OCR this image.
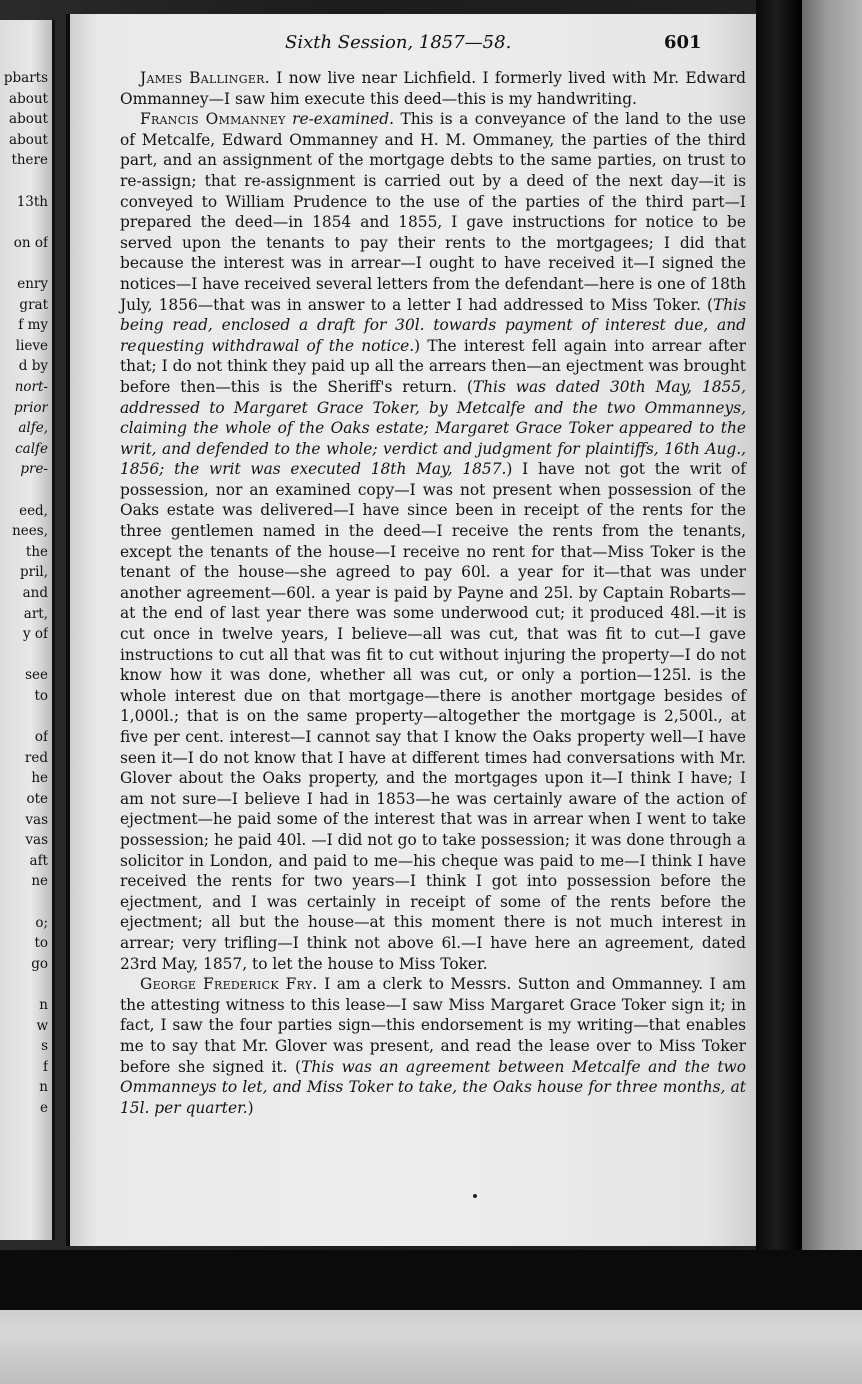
pbarts
about
about
about
there
13th
on of
enry
grat
f my
lieve
d by
nort-
prior
alfe,
calfe
pre-
eed,
nees,
the
pril,
and
art,
y of
see
to
of
red
he
ote
vas
vas
aft
ne
o;
to
go
n
w
s
f
n
e
Sixth Session, 1857—58.	601

James Ballinger. I now live near Lichfield. I formerly lived with Mr. Edward Ommanney—I saw him execute this deed—this is my handwriting.

Francis Ommanney re-examined. This is a conveyance of the land to the use of Metcalfe, Edward Ommanney and H. M. Ommaney, the parties of the third part, and an assignment of the mortgage debts to the same parties, on trust to re-assign; that re-assignment is carried out by a deed of the next day—it is conveyed to William Prudence to the use of the parties of the third part—I prepared the deed—in 1854 and 1855, I gave instructions for notice to be served upon the tenants to pay their rents to the mortgagees; I did that because the interest was in arrear—I ought to have received it—I signed the notices—I have received several letters from the defendant—here is one of 18th July, 1856—that was in answer to a letter I had addressed to Miss Toker. (This being read, enclosed a draft for 30l. towards payment of interest due, and requesting withdrawal of the notice.) The interest fell again into arrear after that; I do not think they paid up all the arrears then—an ejectment was brought before then—this is the Sheriff's return. (This was dated 30th May, 1855, addressed to Margaret Grace Toker, by Metcalfe and the two Ommanneys, claiming the whole of the Oaks estate; Margaret Grace Toker appeared to the writ, and defended to the whole; verdict and judgment for plaintiffs, 16th Aug., 1856; the writ was executed 18th May, 1857.) I have not got the writ of possession, nor an examined copy—I was not present when possession of the Oaks estate was delivered—I have since been in receipt of the rents for the three gentlemen named in the deed—I receive the rents from the tenants, except the tenants of the house—I receive no rent for that—Miss Toker is the tenant of the house—she agreed to pay 60l. a year for it—that was under another agreement—60l. a year is paid by Payne and 25l. by Captain Robarts—at the end of last year there was some underwood cut; it produced 48l.—it is cut once in twelve years, I believe—all was cut, that was fit to cut—I gave instructions to cut all that was fit to cut without injuring the property—I do not know how it was done, whether all was cut, or only a portion—125l. is the whole interest due on that mortgage—there is another mortgage besides of 1,000l.; that is on the same property—altogether the mortgage is 2,500l., at five per cent. interest—I cannot say that I know the Oaks property well—I have seen it—I do not know that I have at different times had conversations with Mr. Glover about the Oaks property, and the mortgages upon it—I think I have; I am not sure—I believe I had in 1853—he was certainly aware of the action of ejectment—he paid some of the interest that was in arrear when I went to take possession; he paid 40l. —I did not go to take possession; it was done through a solicitor in London, and paid to me—his cheque was paid to me—I think I have received the rents for two years—I think I got into possession before the ejectment, and I was certainly in receipt of some of the rents before the ejectment; all but the house—at this moment there is not much interest in arrear; very trifling—I think not above 6l.—I have here an agreement, dated 23rd May, 1857, to let the house to Miss Toker.

George Frederick Fry. I am a clerk to Messrs. Sutton and Ommanney. I am the attesting witness to this lease—I saw Miss Margaret Grace Toker sign it; in fact, I saw the four parties sign—this endorsement is my writing—that enables me to say that Mr. Glover was present, and read the lease over to Miss Toker before she signed it. (This was an agreement between Metcalfe and the two Ommanneys to let, and Miss Toker to take, the Oaks house for three months, at 15l. per quarter.)
